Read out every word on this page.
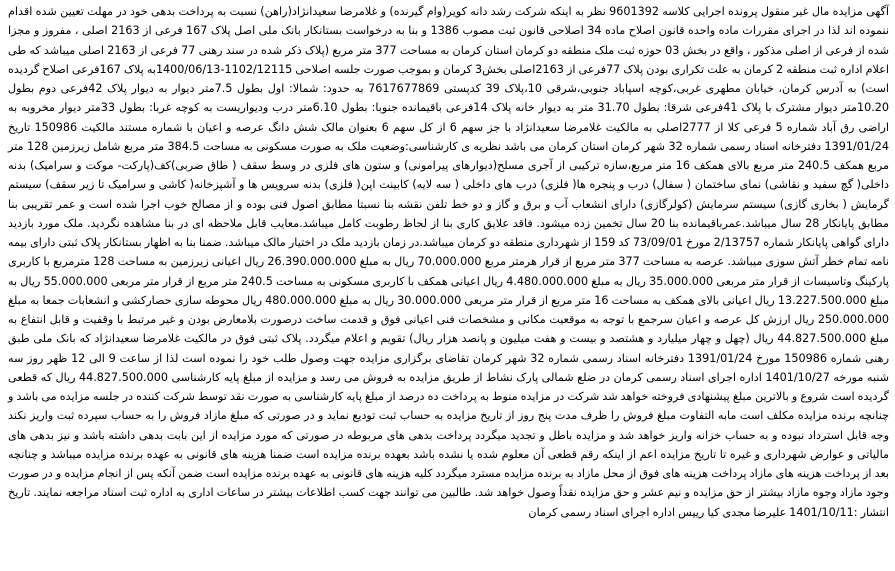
آگهی مزایده مال غیر منقول پرونده اجرایی کلاسه 9601392 نظر به اینکه شرکت رشد دانه کویر(وام گیرنده) و غلامرضا سعیدانژاد(راهن) نسبت به پرداخت بدهی خود در مهلت تعیین شده اقدام ننموده اند لذا در اجرای مقررات ماده واحده قانون اصلاح ماده 34 اصلاحی قانون ثبت مصوب 1386 و بنا به درخواست بستانکار بانک ملی اصل پلاک 167 فرعی از 2163 اصلی ، مفروز و مجزا شده از فرعی از اصلی مذکور ، واقع در بخش 03 حوزه ثبت ملک منطقه دو کرمان استان کرمان به مساحت 377 متر مربع (پلاک ذکر شده در سند رهنی 77 فرعی از 2163 اصلی میباشد که طی اعلام اداره ثبت منطقه 2 کرمان به علت تکراری بودن پلاک 77فرعی از 2163اصلی بخش3 کرمان و بموجب صورت جلسه اصلاحی 1102/12115-1400/06/13به پلاک 167فرعی اصلاح گردیده است) به آدرس کرمان، خیابان مطهری غربی،کوچه اسپاباد جنوبی،شرقی 10،پلاک 39 کدپستی 7617677869 به حدود: شمالا: اول بطول 7.5متر دیوار به دیوار پلاک 42فرعی دوم بطول 10.20متر دیوار مشترک با پلاک 41فرعی شرقا: بطول 31.70 متر به دیوار خانه پلاک 14فرعی باقیمانده جنوبا: بطول 6.10متر درب ودیواریست به کوچه غربا: بطول 33متر دیوار مخروبه به اراضی رق آباد شماره 5 فرعی کلا از 2777اصلی به مالکیت غلامرضا سعیدانژاد با جز سهم 6 از کل سهم 6 بعنوان مالک شش دانگ عرصه و اعیان با شماره مستند مالکیت 150986 تاریخ 1391/01/24 دفترخانه اسناد رسمی شماره 32 شهر کرمان استان کرمان می باشد نظریه ی کارشناسی:وضعیت ملک به صورت مسکونی به مساحت 384.5 متر مربع شامل زیرزمین 128 متر مربع همکف 240.5 متر مربع بالای همکف 16 متر مربع،سازه ترکیبی از آجری مسلح(دیوارهای پیرامونی) و ستون های فلزی در وسط سقف ( طاق ضربی)کف(پارکت- موکت و سرامیک) بدنه داخلی( گچ سفید و نقاشی) نمای ساختمان ( سفال) درب و پنجره ها( فلزی) درب های داخلی ( سه لایه) کابینت اپن( فلزی) بدنه سرویس ها و آشپزخانه( کاشی و سرامیک تا زیر سقف) سیستم گرمایش ( بخاری گازی) سیستم سرمایش (کولرگازی) دارای انشعاب آب و برق و گاز و دو خط تلفن نقشه بنا نسبتا مطابق اصول فنی بوده و از مصالح خوب اجرا شده است و عمر تقریبی بنا مطابق پایانکار 28 سال میباشد.عمرباقیمانده بنا 20 سال تخمین زده میشود. فاقد علایق کاری بنا از لحاظ رطوبت کامل میباشد.معایب قابل ملاحظه ای در بنا مشاهده نگردید. ملک مورد بازدید دارای گواهی پایانکار شماره 2/13757 مورخ 73/09/01 کد 159 از شهرداری منطقه دو کرمان میباشد.در زمان بازدید ملک در اختیار مالک میباشد. ضمنا بنا به اظهار بستانکار پلاک ثبتی دارای بیمه نامه تمام خطر آتش سوزی میباشد. عرصه به مساحت 377 متر مربع از قرار هرمتر مربع 70.000.000 ریال به مبلغ 26.390.000.000 ریال اعیانی زیرزمین به مساحت 128 مترمربع با کاربری پارکینگ وتاسیسات از قرار متر مربعی 35.000.000 ریال به مبلغ 4.480.000.000 ریال اعیانی همکف با کاربری مسکونی به مساحت 240.5 متر مربع از قرار متر مربعی 55.000.000 ریال به مبلغ 13.227.500.000 ریال اعیانی بالای همکف به مساحت 16 متر مربع از قرار متر مربعی 30.000.000 ریال به مبلغ 480.000.000 ریال محوطه سازی حصارکشی و انشعابات جمعا به مبلغ 250.000.000 ریال ارزش کل عرصه و اعیان سرجمع با توجه به موقعیت مکانی و مشخصات فنی اعیانی فوق و قدمت ساخت درصورت بلامعارض بودن و غیر مرتبط با وقفیت و قابل انتفاع به مبلغ 44.827.500.000 ریال (چهل و چهار میلیارد و هشتصد و بیست و هفت میلیون و پانصد هزار ریال) تقویم و اعلام میگردد. پلاک ثبتی فوق در مالکیت غلامرضا سعیدانژاد که بانک ملی طبق رهنی شماره 150986 مورخ 1391/01/24 دفترخانه اسناد رسمی شماره 32 شهر کرمان تقاضای برگزاری مزایده جهت وصول طلب خود را نموده است لذا از ساعت 9 الی 12 ظهر روز سه شنبه مورخه 1401/10/27 اداره اجرای اسناد رسمی کرمان در ضلع شمالی پارک نشاط از طریق مزایده به فروش می رسد و مزایده از مبلغ پایه کارشناسی 44.827.500.000 ریال که قطعی گردیده است شروع و بالاترین مبلغ پیشنهادی فروخته خواهد شد شرکت در مزایده منوط به پرداخت ده درصد از مبلغ پایه کارشناسی به صورت نقد توسط شرکت کننده در جلسه مزایده می باشد و چنانچه برنده مزایده مکلف است مابه التفاوت مبلغ فروش را ظرف مدت پنج روز از تاریخ مزایده به حساب ثبت تودیع نماید و در صورتی که مبلغ مازاد فروش را به حساب سپرده ثبت واریز نکند وجه قابل استرداد نبوده و به حساب خزانه واریز خواهد شد و مزایده باطل و تجدید میگردد پرداخت بدهی های مربوطه در صورتی که مورد مزایده از این بابت بدهی داشته باشد و نیز بدهی های مالیاتی و عوارض شهرداری و غیره تا تاریخ مزایده اعم از اینکه رقم قطعی آن معلوم شده یا نشده باشد بعهده برنده مزایده است ضمنا هزینه های قانونی به عهده برنده مزایده میباشد و چنانچه بعد از پرداخت هزینه های مازاد پرداخت هزینه های فوق از محل مازاد به برنده مزایده مسترد میگردد کلیه هزینه های قانونی به عهده برنده مزایده است ضمن آنکه پس از انجام مزایده و در صورت وجود مازاد وجوه مازاد بیشتر از حق مزایده و نیم عشر و حق مزایده نقداً وصول خواهد شد. طالبین می توانند جهت کسب اطلاعات بیشتر در ساعات اداری به اداره ثبت اسناد مراجعه نمایند. تاریخ انتشار :1401/10/11 علیرضا مجدی کیا رییس اداره اجرای اسناد رسمی کرمان
